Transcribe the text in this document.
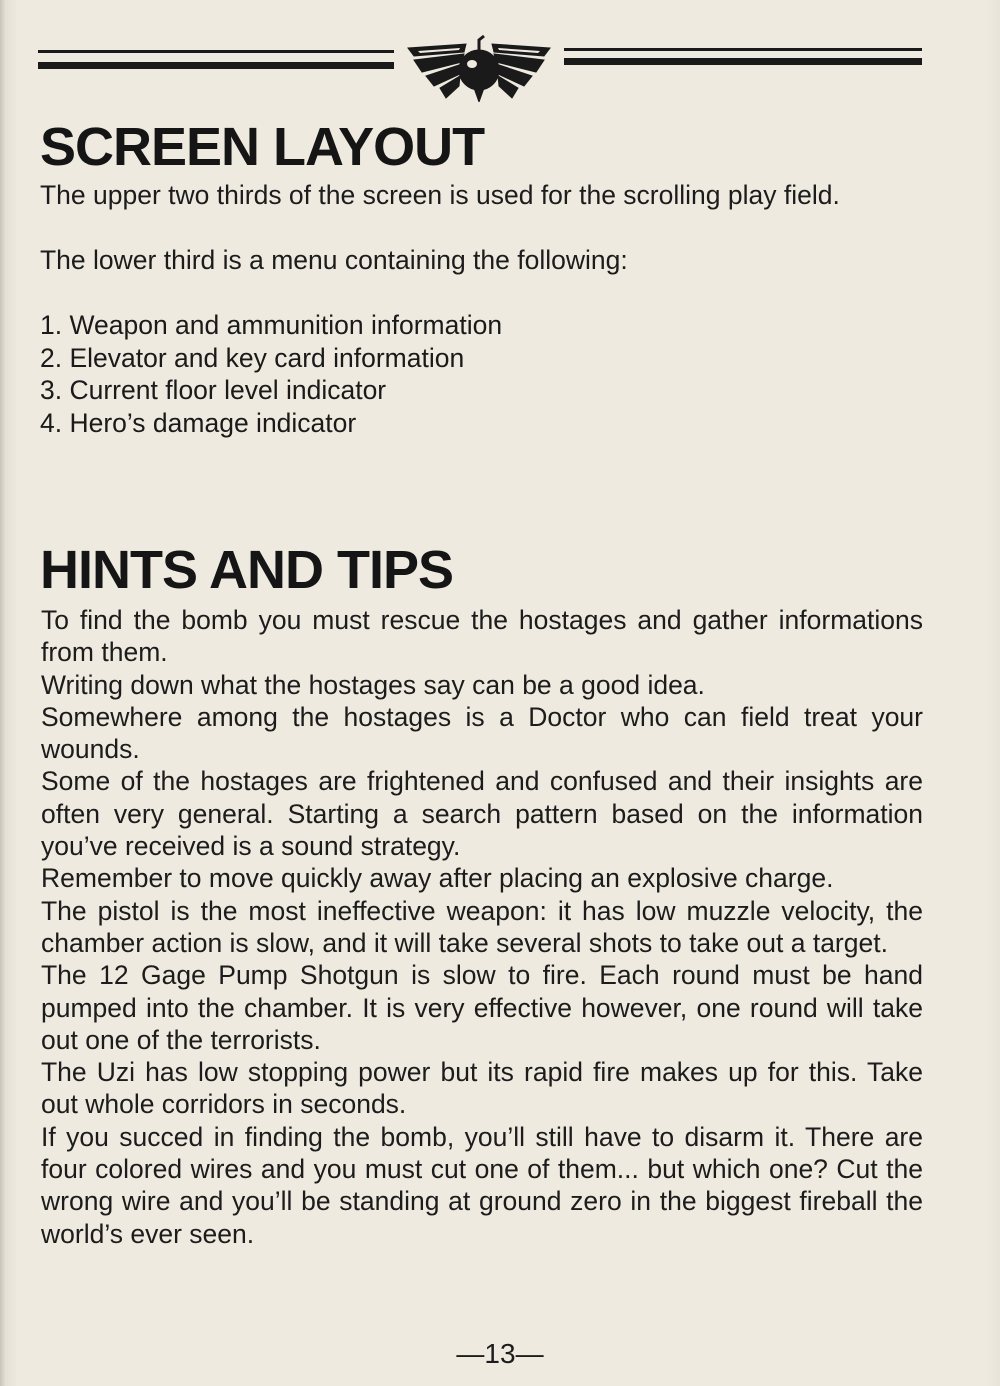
SCREEN LAYOUT

The upper two thirds of the screen is used for the scrolling play field.

The lower third is a menu containing the following:

1. Weapon and ammunition information
2. Elevator and key card information
3. Current floor level indicator
4. Hero’s damage indicator
HINTS AND TIPS

To find the bomb you must rescue the hostages and gather informations from them.

Writing down what the hostages say can be a good idea.

Somewhere among the hostages is a Doctor who can field treat your wounds.

Some of the hostages are frightened and confused and their insights are often very general. Starting a search pattern based on the information you’ve received is a sound strategy.

Remember to move quickly away after placing an explosive charge.

The pistol is the most ineffective weapon: it has low muzzle velocity, the chamber action is slow, and it will take several shots to take out a target.

The 12 Gage Pump Shotgun is slow to fire. Each round must be hand pumped into the chamber. It is very effective however, one round will take out one of the terrorists.

The Uzi has low stopping power but its rapid fire makes up for this. Take out whole corridors in seconds.

If you succed in finding the bomb, you’ll still have to disarm it. There are four colored wires and you must cut one of them... but which one? Cut the wrong wire and you’ll be standing at ground zero in the biggest fireball the world’s ever seen.

—13—
